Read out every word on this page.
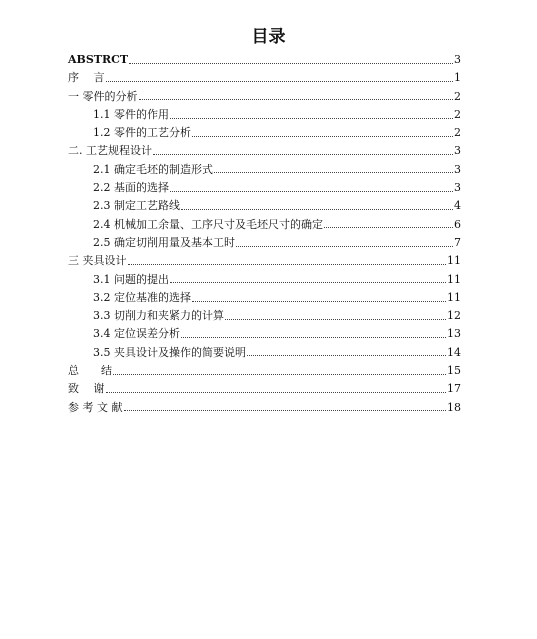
目录
ABSTRCT	3
序　 言	1
一 零件的分析	2
1.1 零件的作用	2
1.2 零件的工艺分析	2
二. 工艺规程设计	3
2.1 确定毛坯的制造形式	3
2.2 基面的选择	3
2.3 制定工艺路线	4
2.4 机械加工余量、工序尺寸及毛坯尺寸的确定	6
2.5 确定切削用量及基本工时	7
三 夹具设计	11
3.1 问题的提出	11
3.2 定位基准的选择	11
3.3 切削力和夹紧力的计算	12
3.4 定位误差分析	13
3.5 夹具设计及操作的简要说明	14
总　　结	15
致　 谢	17
参 考 文 献	18
